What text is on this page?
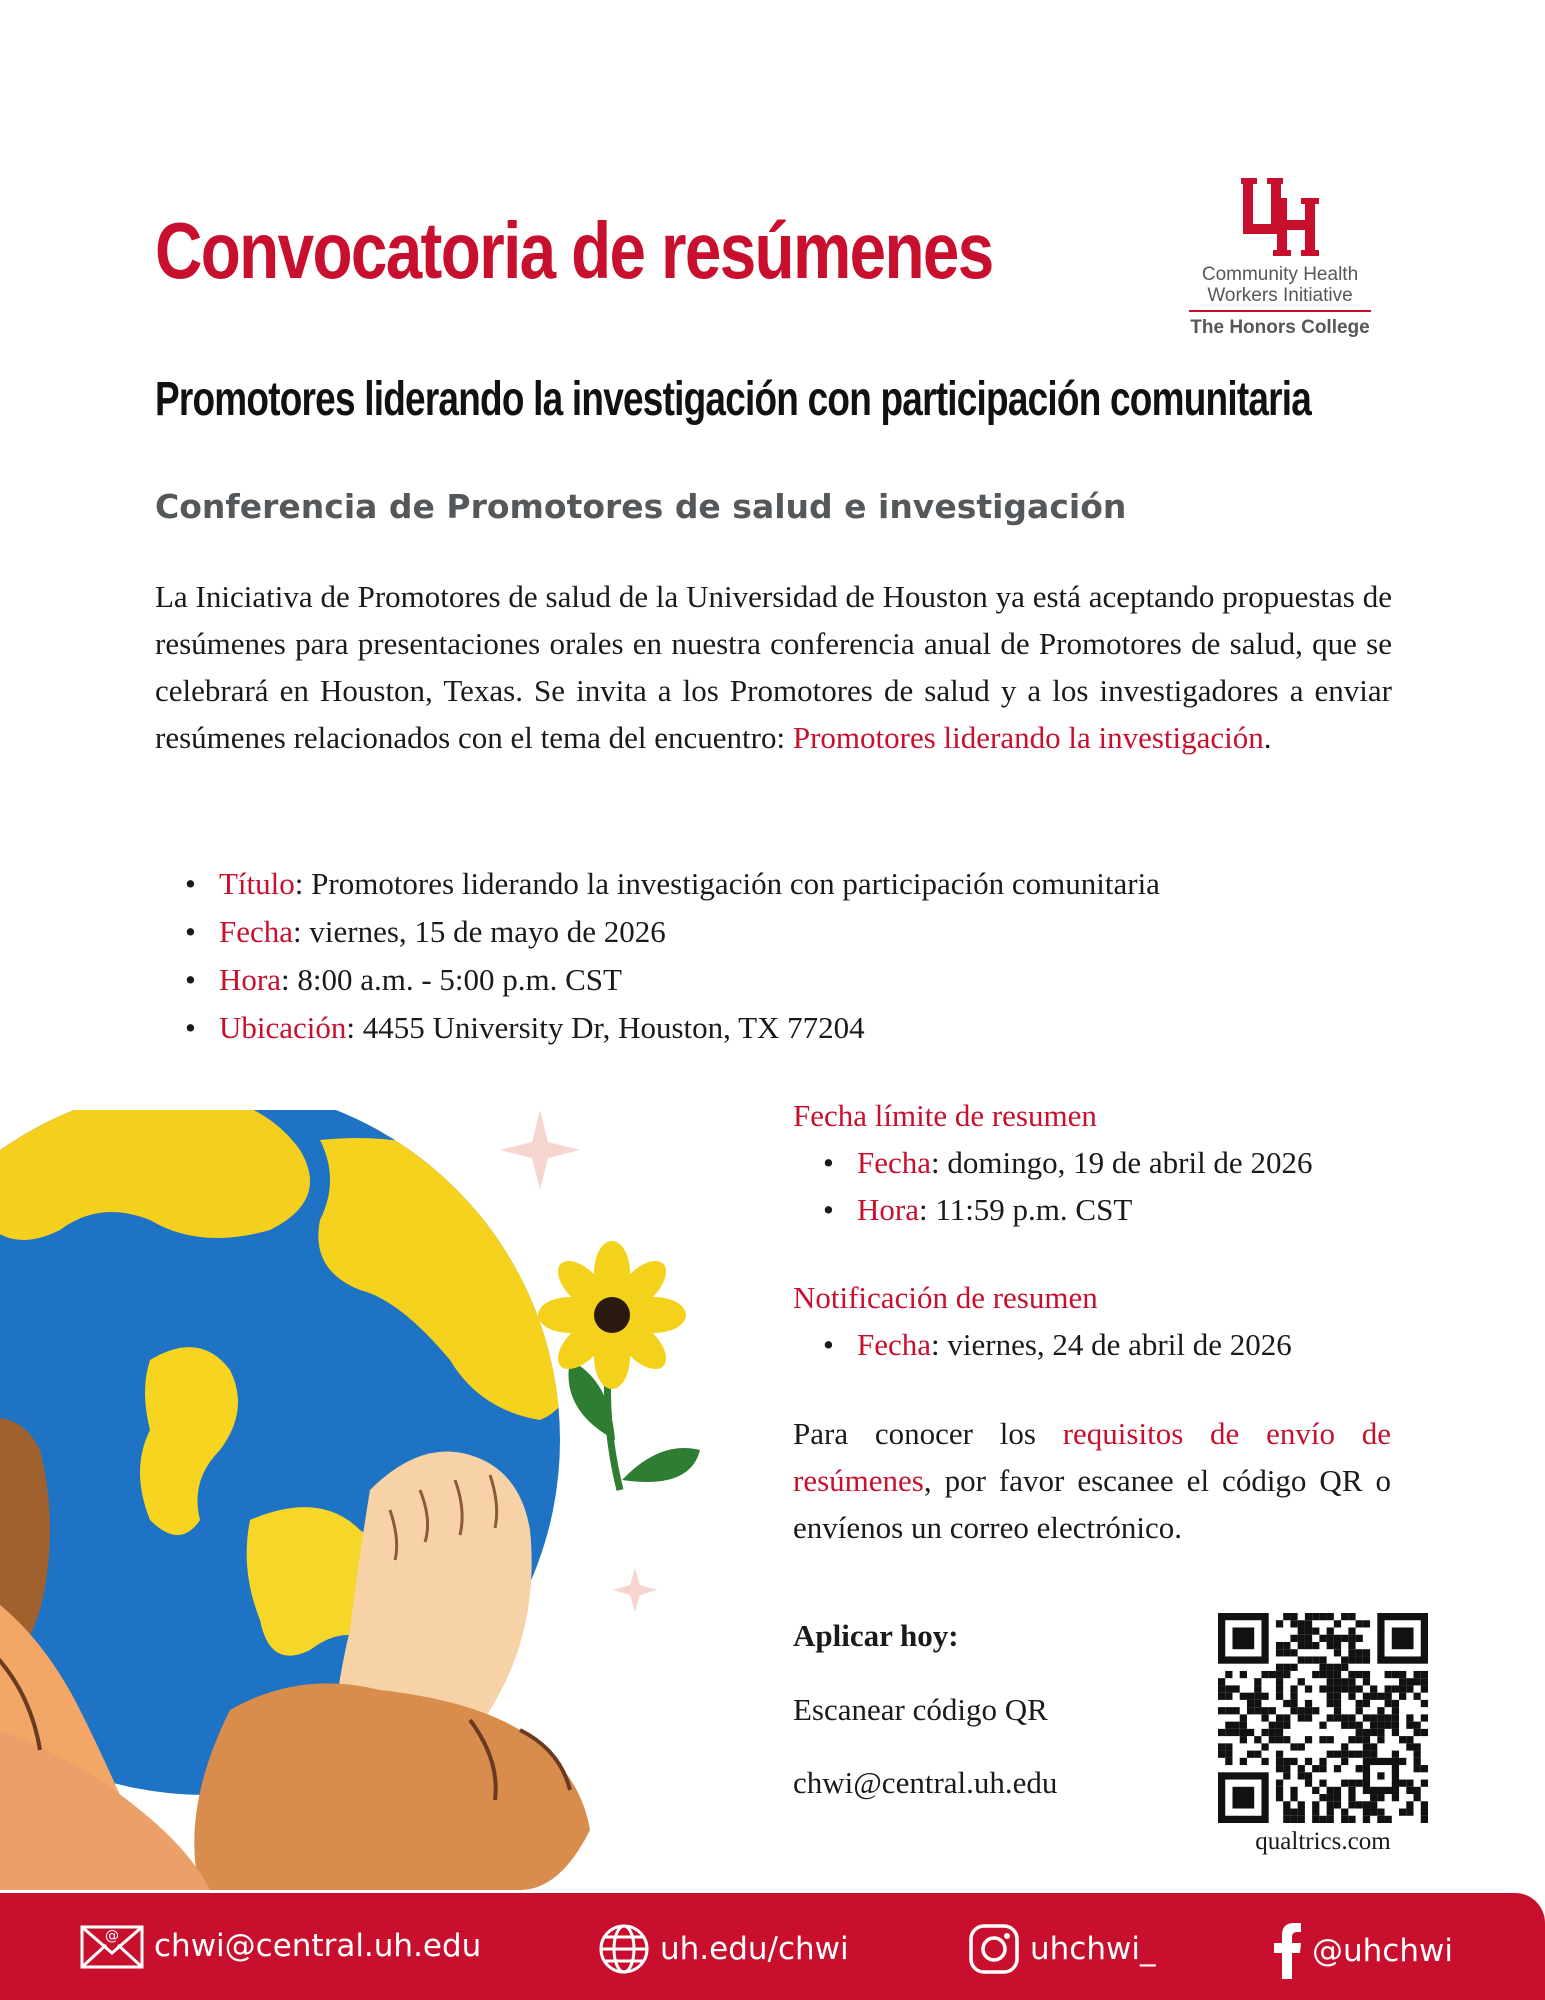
Convocatoria de resúmenes	Community Health
Workers Initiative
The Honors College
Promotores liderando la investigación con participación comunitaria
Conferencia de Promotores de salud e investigación

La Iniciativa de Promotores de salud de la Universidad de Houston ya está aceptando propuestas de resúmenes para presentaciones orales en nuestra conferencia anual de Promotores de salud, que se celebrará en Houston, Texas. Se invita a los Promotores de salud y a los investigadores a enviar resúmenes relacionados con el tema del encuentro: Promotores liderando la investigación.

• Título: Promotores liderando la investigación con participación comunitaria
• Fecha: viernes, 15 de mayo de 2026
• Hora: 8:00 a.m. - 5:00 p.m. CST
• Ubicación: 4455 University Dr, Houston, TX 77204
Fecha límite de resumen
• Fecha: domingo, 19 de abril de 2026
• Hora: 11:59 p.m. CST
Notificación de resumen
• Fecha: viernes, 24 de abril de 2026

Para conocer los requisitos de envío de resúmenes, por favor escanee el código QR o envíenos un correo electrónico.

Aplicar hoy:
Escanear código QR
chwi@central.uh.edu
qualtrics.com
@ chwi@central.uh.edu	uh.edu/chwi	uhchwi_	@uhchwi
